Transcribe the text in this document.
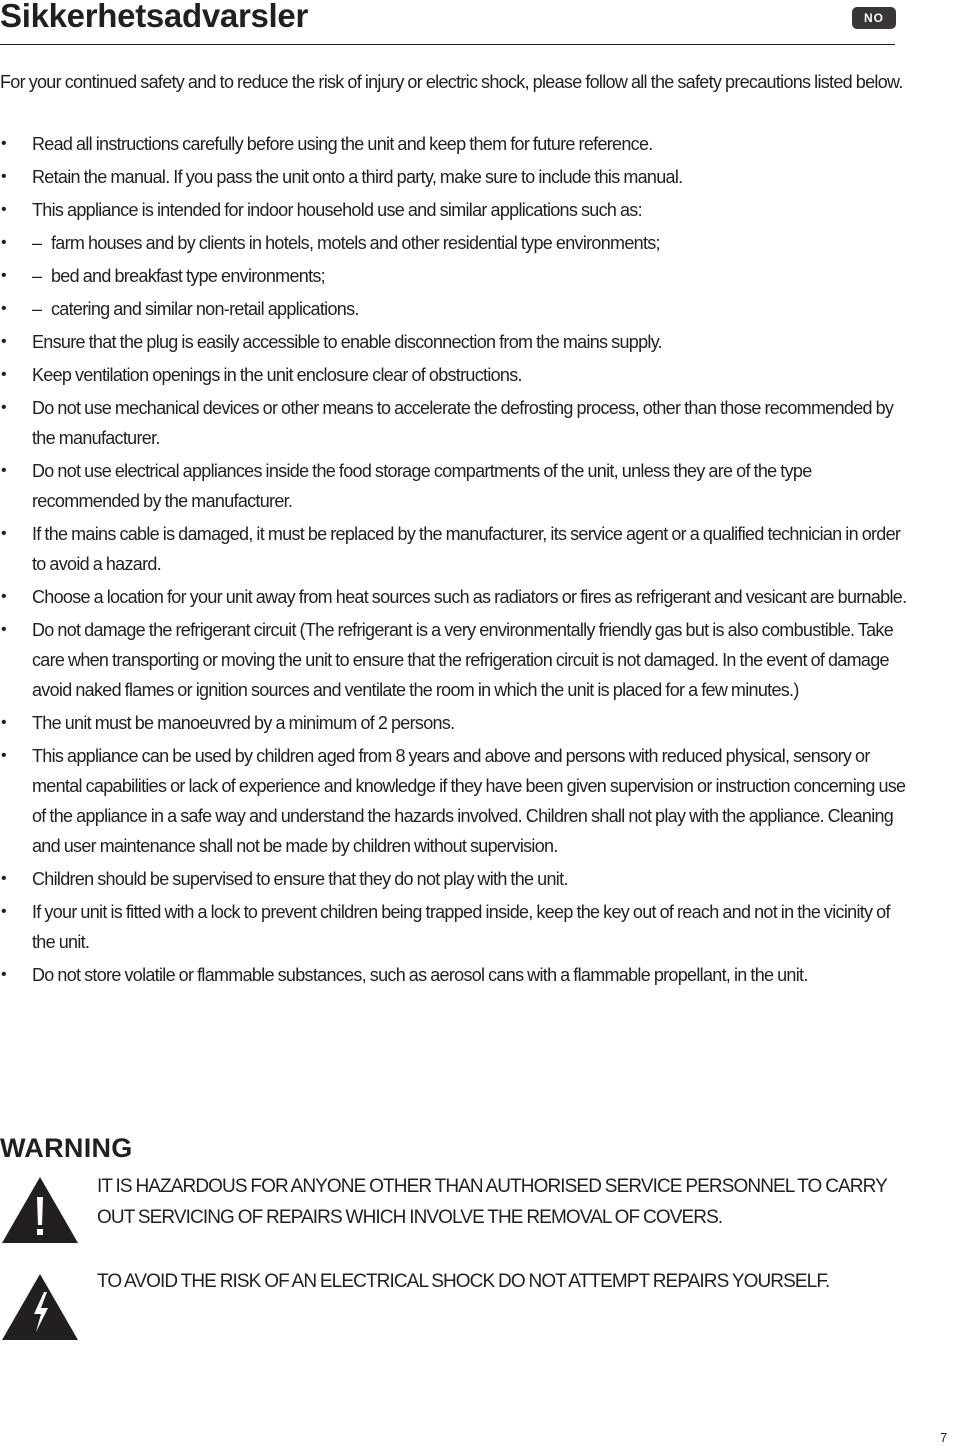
Sikkerhetsadvarsler	NO

For your continued safety and to reduce the risk of injury or electric shock, please follow all the safety precautions listed below.

• Read all instructions carefully before using the unit and keep them for future reference.
• Retain the manual. If you pass the unit onto a third party, make sure to include this manual.
• This appliance is intended for indoor household use and similar applications such as:
• – farm houses and by clients in hotels, motels and other residential type environments;
• – bed and breakfast type environments;
• – catering and similar non-retail applications.
• Ensure that the plug is easily accessible to enable disconnection from the mains supply.
• Keep ventilation openings in the unit enclosure clear of obstructions.
• Do not use mechanical devices or other means to accelerate the defrosting process, other than those recommended by the manufacturer.
• Do not use electrical appliances inside the food storage compartments of the unit, unless they are of the type recommended by the manufacturer.
• If the mains cable is damaged, it must be replaced by the manufacturer, its service agent or a qualified technician in order to avoid a hazard.
• Choose a location for your unit away from heat sources such as radiators or fires as refrigerant and vesicant are burnable.
• Do not damage the refrigerant circuit (The refrigerant is a very environmentally friendly gas but is also combustible. Take care when transporting or moving the unit to ensure that the refrigeration circuit is not damaged. In the event of damage avoid naked flames or ignition sources and ventilate the room in which the unit is placed for a few minutes.)
• The unit must be manoeuvred by a minimum of 2 persons.
• This appliance can be used by children aged from 8 years and above and persons with reduced physical, sensory or mental capabilities or lack of experience and knowledge if they have been given supervision or instruction concerning use of the appliance in a safe way and understand the hazards involved. Children shall not play with the appliance. Cleaning and user maintenance shall not be made by children without supervision.
• Children should be supervised to ensure that they do not play with the unit.
• If your unit is fitted with a lock to prevent children being trapped inside, keep the key out of reach and not in the vicinity of the unit.
• Do not store volatile or flammable substances, such as aerosol cans with a flammable propellant, in the unit.
WARNING

IT IS HAZARDOUS FOR ANYONE OTHER THAN AUTHORISED SERVICE PERSONNEL TO CARRY OUT SERVICING OF REPAIRS WHICH INVOLVE THE REMOVAL OF COVERS.

TO AVOID THE RISK OF AN ELECTRICAL SHOCK DO NOT ATTEMPT REPAIRS YOURSELF.

7
